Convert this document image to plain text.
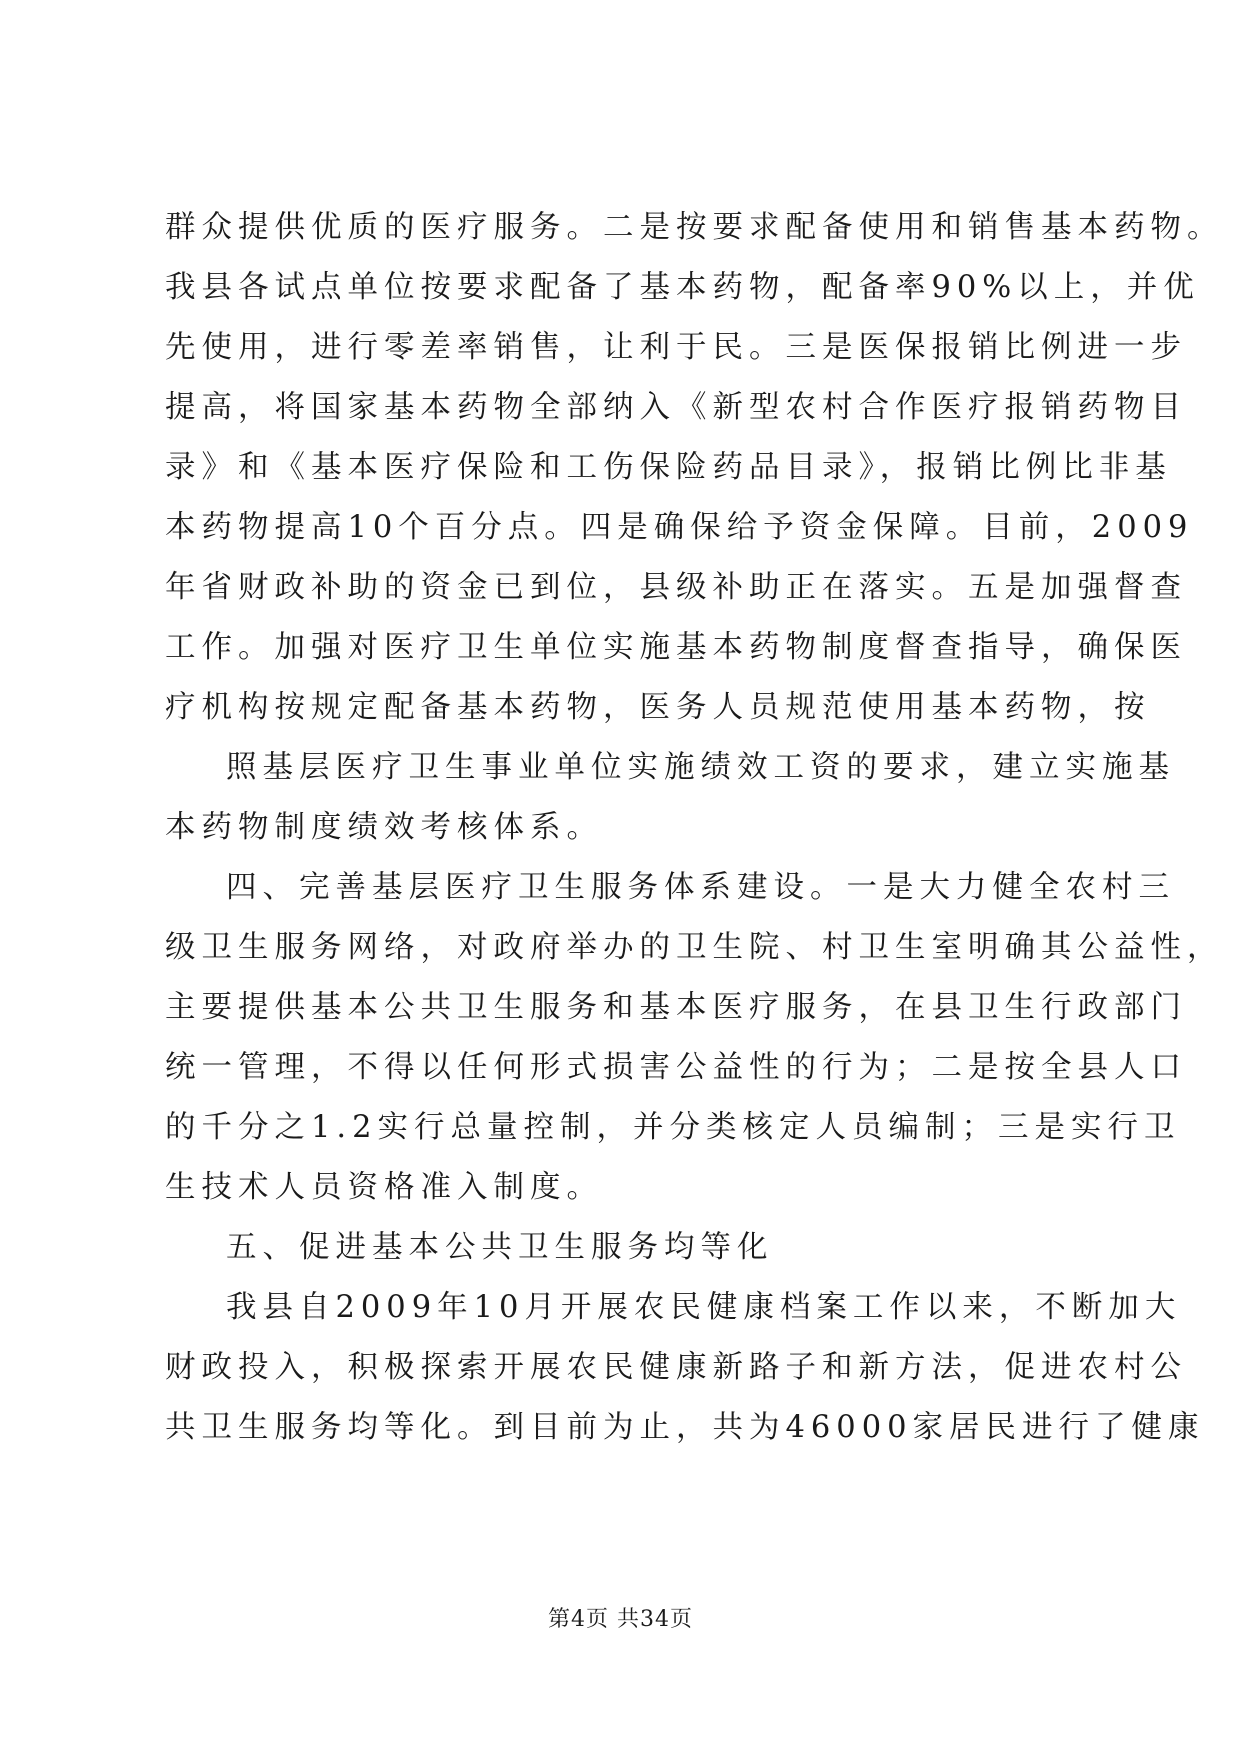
群众提供优质的医疗服务。二是按要求配备使用和销售基本药物。
我县各试点单位按要求配备了基本药物，配备率90%以上，并优
先使用，进行零差率销售，让利于民。三是医保报销比例进一步
提高，将国家基本药物全部纳入《新型农村合作医疗报销药物目
录》和《基本医疗保险和工伤保险药品目录》，报销比例比非基
本药物提高10个百分点。四是确保给予资金保障。目前，2009
年省财政补助的资金已到位，县级补助正在落实。五是加强督查
工作。加强对医疗卫生单位实施基本药物制度督查指导，确保医
疗机构按规定配备基本药物，医务人员规范使用基本药物，按
照基层医疗卫生事业单位实施绩效工资的要求，建立实施基
本药物制度绩效考核体系。
四、完善基层医疗卫生服务体系建设。一是大力健全农村三
级卫生服务网络，对政府举办的卫生院、村卫生室明确其公益性，
主要提供基本公共卫生服务和基本医疗服务，在县卫生行政部门
统一管理，不得以任何形式损害公益性的行为；二是按全县人口
的千分之1.2实行总量控制，并分类核定人员编制；三是实行卫
生技术人员资格准入制度。
五、促进基本公共卫生服务均等化
我县自2009年10月开展农民健康档案工作以来，不断加大
财政投入，积极探索开展农民健康新路子和新方法，促进农村公
共卫生服务均等化。到目前为止，共为46000家居民进行了健康
第4页 共34页
